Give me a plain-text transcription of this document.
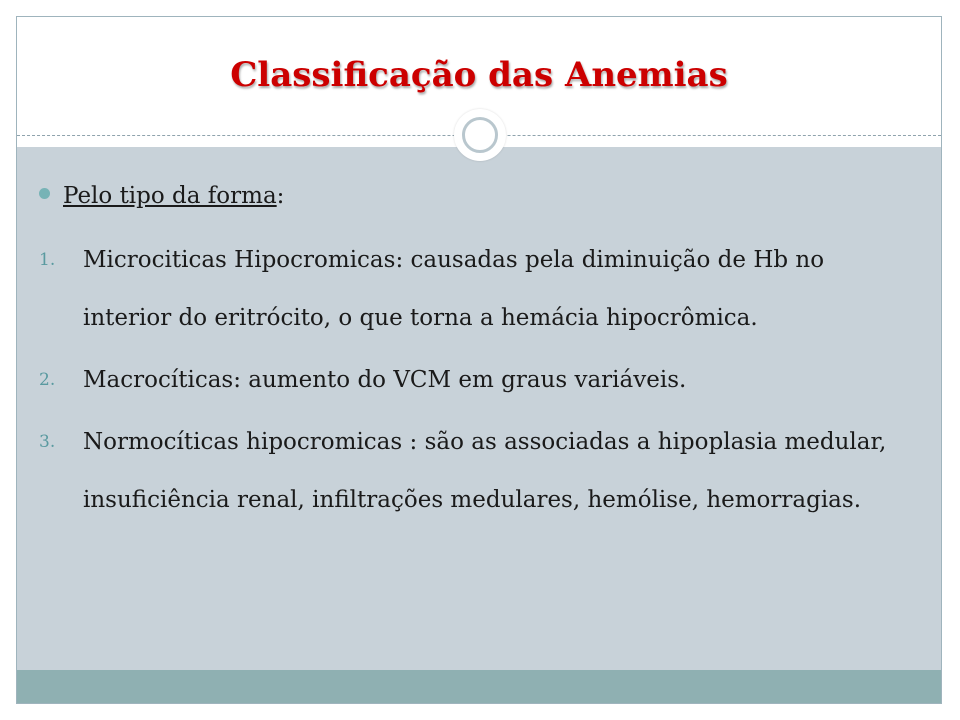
Classificação das Anemias
Pelo tipo da forma:
1.	Microciticas Hipocromicas: causadas pela diminuição de Hb no interior do eritrócito, o que torna a hemácia hipocrômica.
2.	Macrocíticas: aumento do VCM em graus variáveis.
3.	Normocíticas hipocromicas : são as associadas a hipoplasia medular, insuficiência renal, infiltrações medulares, hemólise, hemorragias.
